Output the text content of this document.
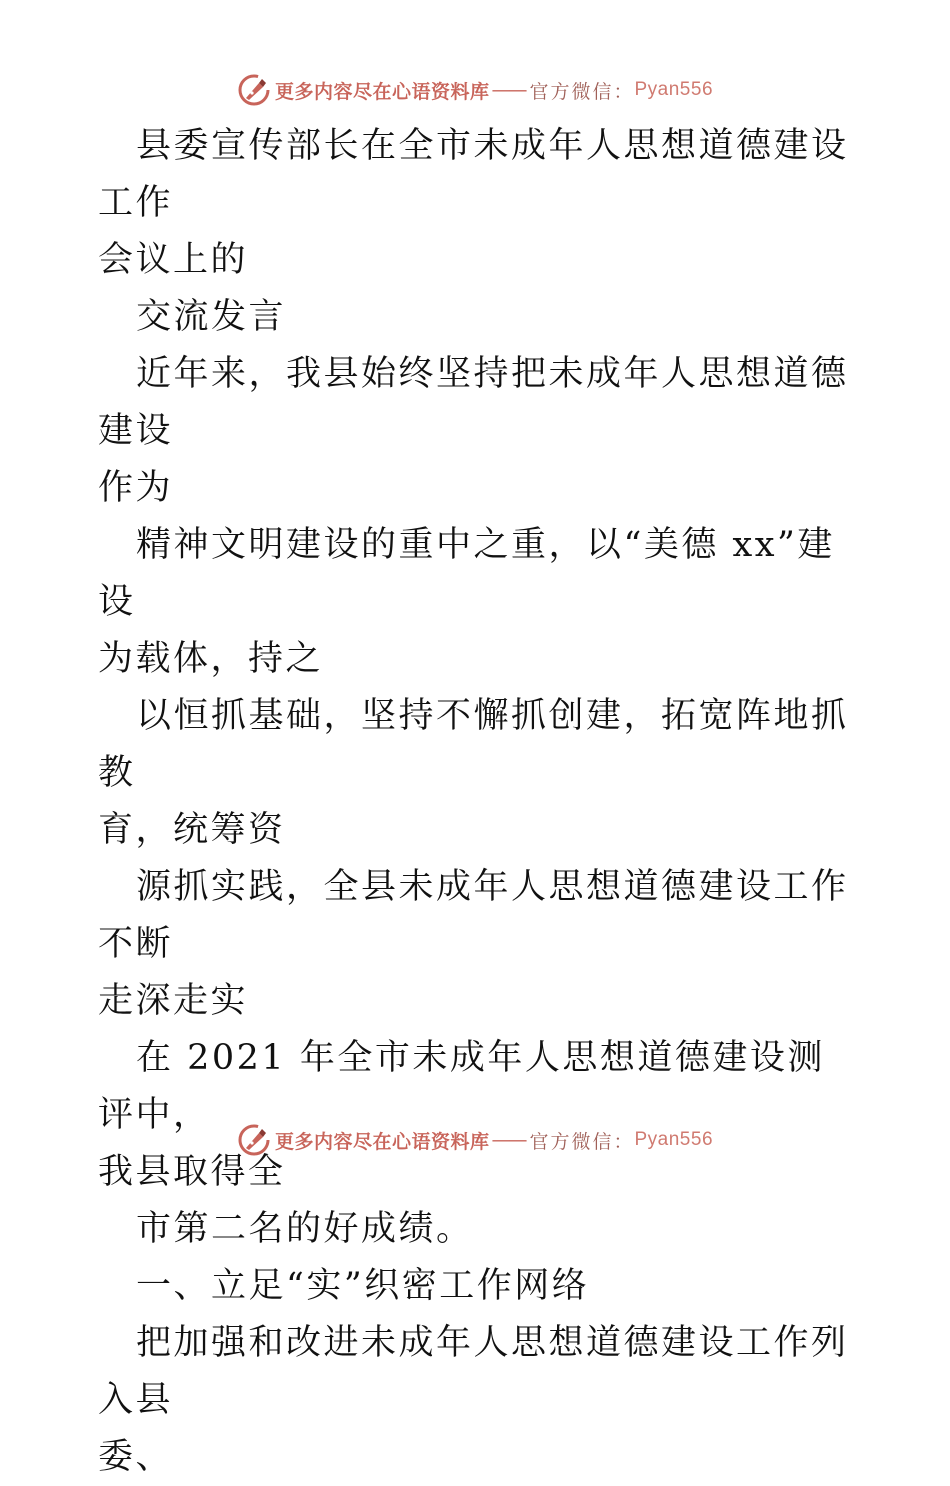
更多内容尽在心语资料库 —— 官方微信： Pyan556

县委宣传部长在全市未成年人思想道德建设工作

会议上的

交流发言

近年来，我县始终坚持把未成年人思想道德建设

作为

精神文明建设的重中之重，以“美德 xx”建设

为载体，持之

以恒抓基础，坚持不懈抓创建，拓宽阵地抓教

育，统筹资

源抓实践，全县未成年人思想道德建设工作不断

走深走实

在 2021 年全市未成年人思想道德建设测评中，

我县取得全

市第二名的好成绩。

一、立足“实”织密工作网络

把加强和改进未成年人思想道德建设工作列入县

委、

更多内容尽在心语资料库 —— 官方微信： Pyan556
